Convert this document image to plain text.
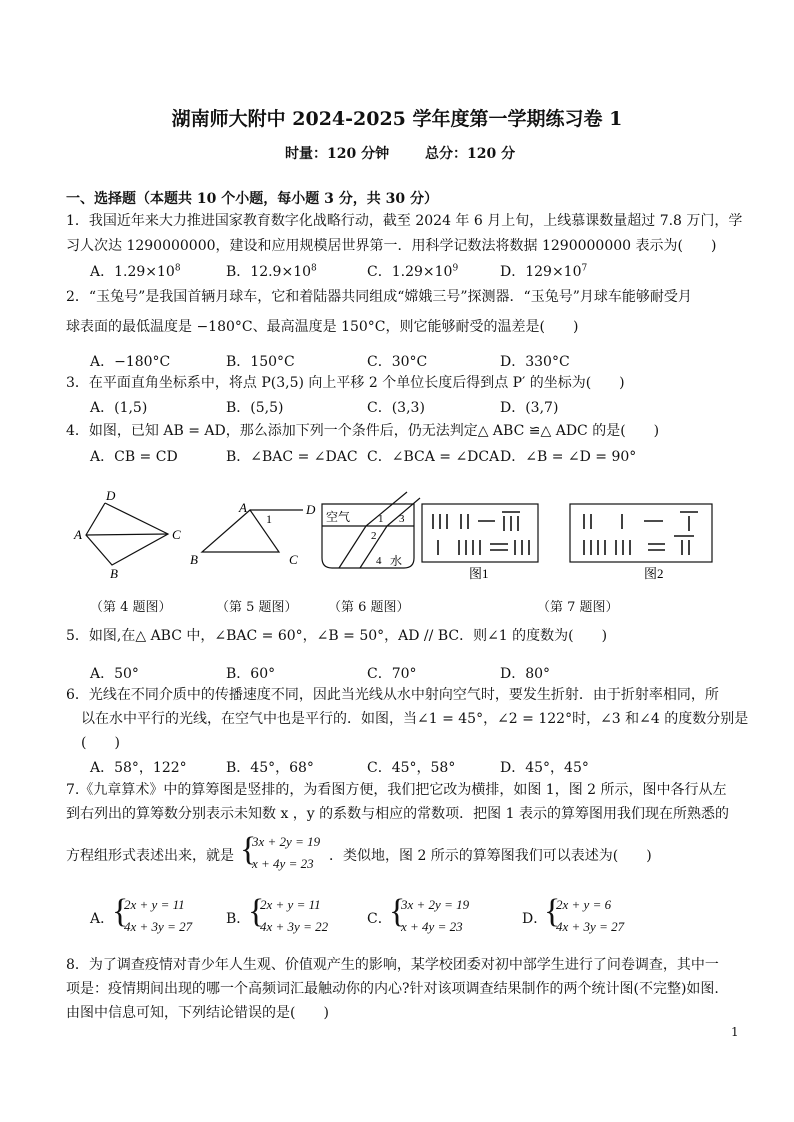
湖南师大附中 2024-2025 学年度第一学期练习卷 1
时量：120 分钟	总分：120 分
一、选择题（本题共 10 个小题，每小题 3 分，共 30 分）
1．我国近年来大力推进国家教育数字化战略行动，截至 2024 年 6 月上旬，上线慕课数量超过 7.8 万门，学
习人次达 1290000000，建设和应用规模居世界第一．用科学记数法将数据 1290000000 表示为(　　)
A．$1.29\times 10^8$	B．$12.9\times 10^8$	C．$1.29\times 10^9$	D．$129\times 10^7$
2．“玉兔号”是我国首辆月球车，它和着陆器共同组成“嫦娥三号”探测器．“玉兔号”月球车能够耐受月
球表面的最低温度是 −180°C、最高温度是 150°C，则它能够耐受的温差是(　　)
A．−180°C	B．150°C	C．30°C	D．330°C
3．在平面直角坐标系中，将点 P(3,5) 向上平移 2 个单位长度后得到点 P′ 的坐标为(　　)
A．(1,5)	B．(5,5)	C．(3,3)	D．(3,7)
4．如图，已知 AB = AD，那么添加下列一个条件后，仍无法判定△ ABC ≌△ ADC 的是(　　)
A．CB = CD	B．∠BAC = ∠DAC C．∠BCA = ∠DCA D．∠B = ∠D = 90°
D
A	C
B
A	D
B	C
1	空气
水
1
2
3
4
图1	图2
（第 4 题图）	（第 5 题图） （第 6 题图）	（第 7 题图）
5．如图,在△ ABC 中，∠BAC = 60°，∠B = 50°，AD // BC．则∠1 的度数为(　　)
A．50°	B．60°	C．70°	D．80°
6．光线在不同介质中的传播速度不同，因此当光线从水中射向空气时，要发生折射．由于折射率相同，所
以在水中平行的光线，在空气中也是平行的．如图，当∠1 = 45°，∠2 = 122°时，∠3 和∠4 的度数分别是
(　　)
A．58°，122°	B．45°，68°	C．45°，58°	D．45°，45°
7.《九章算术》中的算筹图是竖排的，为看图方便，我们把它改为横排，如图 1，图 2 所示，图中各行从左
到右列出的算筹数分别表示未知数 x ，y 的系数与相应的常数项．把图 1 表示的算筹图用我们现在所熟悉的
方程组形式表述出来，就是 {
3x + 2y = 19
x + 4y = 23 ．类似地，图 2 所示的算筹图我们可以表述为(　　)
A．
{
2x + y = 11
4x + 3y = 27 B．
{
2x + y = 11
4x + 3y = 22	C．
{
3x + 2y = 19
x + 4y = 23	D．
{
2x + y = 6
4x + 3y = 27
8．为了调查疫情对青少年人生观、价值观产生的影响，某学校团委对初中部学生进行了问卷调查，其中一
项是：疫情期间出现的哪一个高频词汇最触动你的内心?针对该项调查结果制作的两个统计图(不完整)如图.
由图中信息可知，下列结论错误的是(　　)
1
